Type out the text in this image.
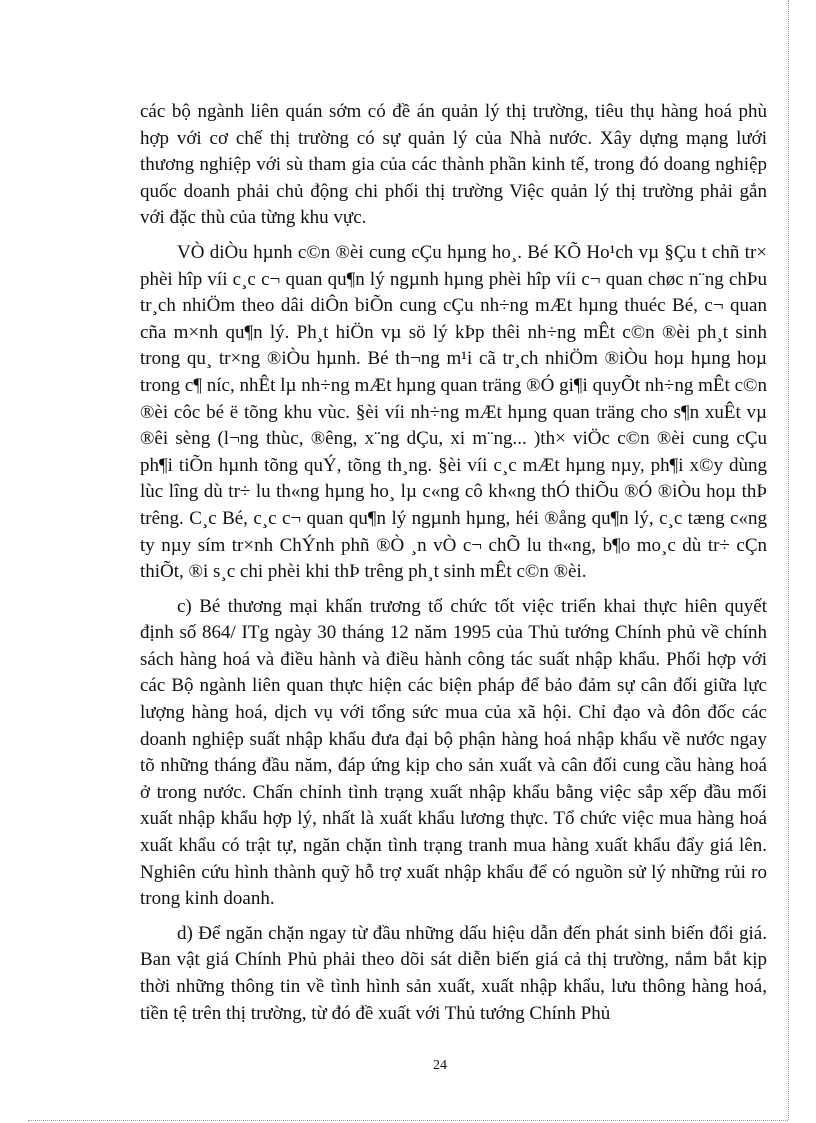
các bộ ngành liên quán sớm có đề án quản lý thị trường, tiêu thụ hàng hoá phù hợp với cơ chế thị trường có sự quản lý của Nhà nước. Xây dựng mạng lưới thương nghiệp với sù tham gia của các thành phần kinh tế, trong đó doang nghiệp quốc doanh phải chủ động chi phối thị trường Việc quản lý thị trường phải gắn với đặc thù của từng khu vực.

VÒ diÒu hµnh c©n ®èi cung cÇu hµng ho¸. Bé KÕ Ho¹ch vµ §Çu t chñ tr× phèi hîp víi c¸c c¬ quan qu¶n lý ngµnh hµng phèi hîp víi c¬ quan chøc n¨ng chÞu tr¸ch nhiÖm theo dâi diÔn biÕn cung cÇu nh÷ng mÆt hµng thuéc Bé, c¬ quan cña m×nh qu¶n lý. Ph¸t hiÖn vµ sö lý kÞp thêi nh÷ng mÊt c©n ®èi ph¸t sinh trong qu¸ tr×ng ®iÒu hµnh. Bé th¬ng m¹i cã tr¸ch nhiÖm ®iÒu hoµ hµng hoµ trong c¶ níc, nhÊt lµ nh÷ng mÆt hµng quan träng ®Ó gi¶i quyÕt nh÷ng mÊt c©n ®èi côc bé ë tõng khu vùc. §èi víi nh÷ng mÆt hµng quan träng cho s¶n xuÊt vµ ®êi sèng (l¬ng thùc, ®êng, x¨ng dÇu, xi m¨ng... )th× viÖc c©n ®èi cung cÇu ph¶i tiÕn hµnh tõng quÝ, tõng th¸ng. §èi víi c¸c mÆt hµng nµy, ph¶i x©y dùng lùc lîng dù tr÷ lu th«ng hµng ho¸ lµ c«ng cô kh«ng thÓ thiÕu ®Ó ®iÒu hoµ thÞ trêng. C¸c Bé, c¸c c¬ quan qu¶n lý ngµnh hµng, héi ®ång qu¶n lý, c¸c tæng c«ng ty nµy sím tr×nh ChÝnh phñ ®Ò ¸n vÒ c¬ chÕ lu th«ng, b¶o mo¸c dù tr÷ cÇn thiÕt, ®i s¸c chi phèi khi thÞ trêng ph¸t sinh mÊt c©n ®èi.

c) Bé thương mại khẩn trương tổ chức tốt việc triển khai thực hiên quyết định số 864/ ITg ngày 30 tháng 12 năm 1995 của Thủ tướng Chính phủ về chính sách hàng hoá và điều hành và điều hành công tác suất nhập khẩu. Phối hợp với các Bộ ngành liên quan thực hiện các biện pháp để bảo đảm sự cân đối giữa lực lượng hàng hoá, dịch vụ với tổng sức mua của xã hội. Chỉ đạo và đôn đốc các doanh nghiệp suất nhập khẩu đưa đại bộ phận hàng hoá nhập khẩu về nước ngay tõ những tháng đầu năm, đáp ứng kịp cho sản xuất và cân đối cung cầu hàng hoá ở trong nước. Chấn chỉnh tình trạng xuất nhập khẩu bằng việc sắp xếp đầu mối xuất nhập khẩu hợp lý, nhất là xuất khẩu lương thực. Tổ chức việc mua hàng hoá xuất khẩu có trật tự, ngăn chặn tình trạng tranh mua hàng xuất khẩu đẩy giá lên. Nghiên cứu hình thành quỹ hỗ trợ xuất nhập khẩu để có nguồn sử lý những rủi ro trong kinh doanh.

d) Để ngăn chặn ngay từ đầu những dấu hiệu dẫn đến phát sinh biến đổi giá. Ban vật giá Chính Phủ phải theo dõi sát diễn biến giá cả thị trường, nắm bắt kịp thời những thông tin về tình hình sản xuất, xuất nhập khẩu, lưu thông hàng hoá, tiền tệ trên thị trường, từ đó đề xuất với Thủ tướng Chính Phủ

24
